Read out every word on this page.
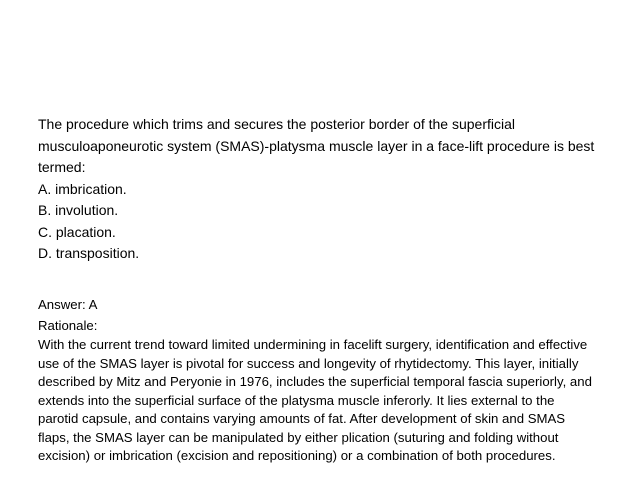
The procedure which trims and secures the posterior border of the superficial musculoaponeurotic system (SMAS)-platysma muscle layer in a face-lift procedure is best

termed:

A. imbrication.

B. involution.

C. placation.

D. transposition.

Answer: A

Rationale:

With the current trend toward limited undermining in facelift surgery, identification and effective use of the SMAS layer is pivotal for success and longevity of rhytidectomy. This layer, initially described by Mitz and Peryonie in 1976, includes the superficial temporal fascia superiorly, and extends into the superficial surface of the platysma muscle inferorly. It lies external to the parotid capsule, and contains varying amounts of fat. After development of skin and SMAS flaps, the SMAS layer can be manipulated by either plication (suturing and folding without excision) or imbrication (excision and repositioning) or a combination of both procedures.
